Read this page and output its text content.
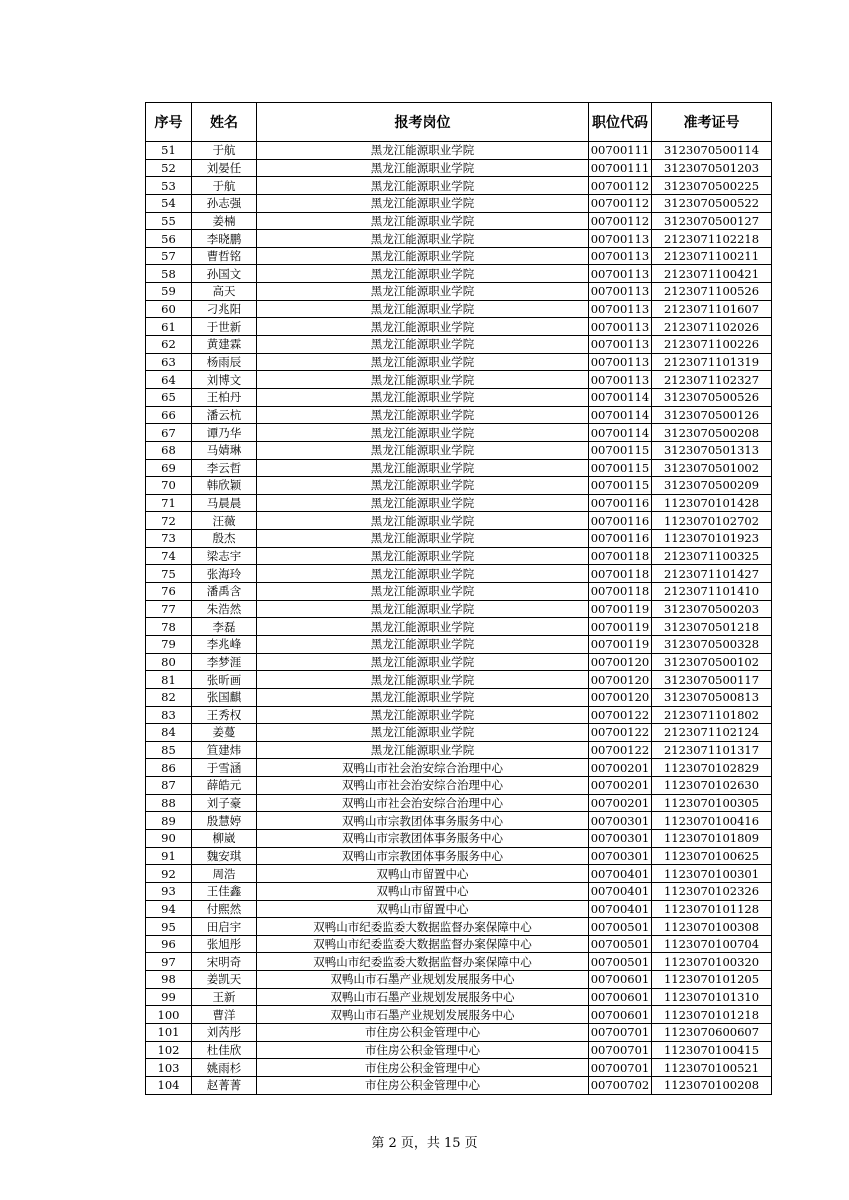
序号	姓名	报考岗位	职位代码	准考证号
51	于航	黑龙江能源职业学院	00700111	3123070500114
52	刘晏任	黑龙江能源职业学院	00700111	3123070501203
53	于航	黑龙江能源职业学院	00700112	3123070500225
54	孙志强	黑龙江能源职业学院	00700112	3123070500522
55	姜楠	黑龙江能源职业学院	00700112	3123070500127
56	李晓鹏	黑龙江能源职业学院	00700113	2123071102218
57	曹哲铭	黑龙江能源职业学院	00700113	2123071100211
58	孙国文	黑龙江能源职业学院	00700113	2123071100421
59	高天	黑龙江能源职业学院	00700113	2123071100526
60	刁兆阳	黑龙江能源职业学院	00700113	2123071101607
61	于世新	黑龙江能源职业学院	00700113	2123071102026
62	黄建霖	黑龙江能源职业学院	00700113	2123071100226
63	杨雨辰	黑龙江能源职业学院	00700113	2123071101319
64	刘博文	黑龙江能源职业学院	00700113	2123071102327
65	王柏丹	黑龙江能源职业学院	00700114	3123070500526
66	潘云杭	黑龙江能源职业学院	00700114	3123070500126
67	谭乃华	黑龙江能源职业学院	00700114	3123070500208
68	马婧琳	黑龙江能源职业学院	00700115	3123070501313
69	李云哲	黑龙江能源职业学院	00700115	3123070501002
70	韩欣颖	黑龙江能源职业学院	00700115	3123070500209
71	马晨晨	黑龙江能源职业学院	00700116	1123070101428
72	汪薇	黑龙江能源职业学院	00700116	1123070102702
73	殷杰	黑龙江能源职业学院	00700116	1123070101923
74	梁志宇	黑龙江能源职业学院	00700118	2123071100325
75	张海玲	黑龙江能源职业学院	00700118	2123071101427
76	潘禹含	黑龙江能源职业学院	00700118	2123071101410
77	朱浩然	黑龙江能源职业学院	00700119	3123070500203
78	李磊	黑龙江能源职业学院	00700119	3123070501218
79	李兆峰	黑龙江能源职业学院	00700119	3123070500328
80	李梦涯	黑龙江能源职业学院	00700120	3123070500102
81	张昕画	黑龙江能源职业学院	00700120	3123070500117
82	张国麒	黑龙江能源职业学院	00700120	3123070500813
83	王秀权	黑龙江能源职业学院	00700122	2123071101802
84	姜蔓	黑龙江能源职业学院	00700122	2123071102124
85	笪建炜	黑龙江能源职业学院	00700122	2123071101317
86	于雪涵	双鸭山市社会治安综合治理中心	00700201	1123070102829
87	薛皓元	双鸭山市社会治安综合治理中心	00700201	1123070102630
88	刘子豪	双鸭山市社会治安综合治理中心	00700201	1123070100305
89	殷慧婷	双鸭山市宗教团体事务服务中心	00700301	1123070100416
90	柳崴	双鸭山市宗教团体事务服务中心	00700301	1123070101809
91	魏安琪	双鸭山市宗教团体事务服务中心	00700301	1123070100625
92	周浩	双鸭山市留置中心	00700401	1123070100301
93	王佳鑫	双鸭山市留置中心	00700401	1123070102326
94	付熙然	双鸭山市留置中心	00700401	1123070101128
95	田启宇	双鸭山市纪委监委大数据监督办案保障中心	00700501	1123070100308
96	张旭彤	双鸭山市纪委监委大数据监督办案保障中心	00700501	1123070100704
97	宋明奇	双鸭山市纪委监委大数据监督办案保障中心	00700501	1123070100320
98	姜凯天	双鸭山市石墨产业规划发展服务中心	00700601	1123070101205
99	王新	双鸭山市石墨产业规划发展服务中心	00700601	1123070101310
100	曹洋	双鸭山市石墨产业规划发展服务中心	00700601	1123070101218
101	刘芮彤	市住房公积金管理中心	00700701	1123070600607
102	杜佳欣	市住房公积金管理中心	00700701	1123070100415
103	姚雨杉	市住房公积金管理中心	00700701	1123070100521
104	赵菁菁	市住房公积金管理中心	00700702	1123070100208
第 2 页，共 15 页
